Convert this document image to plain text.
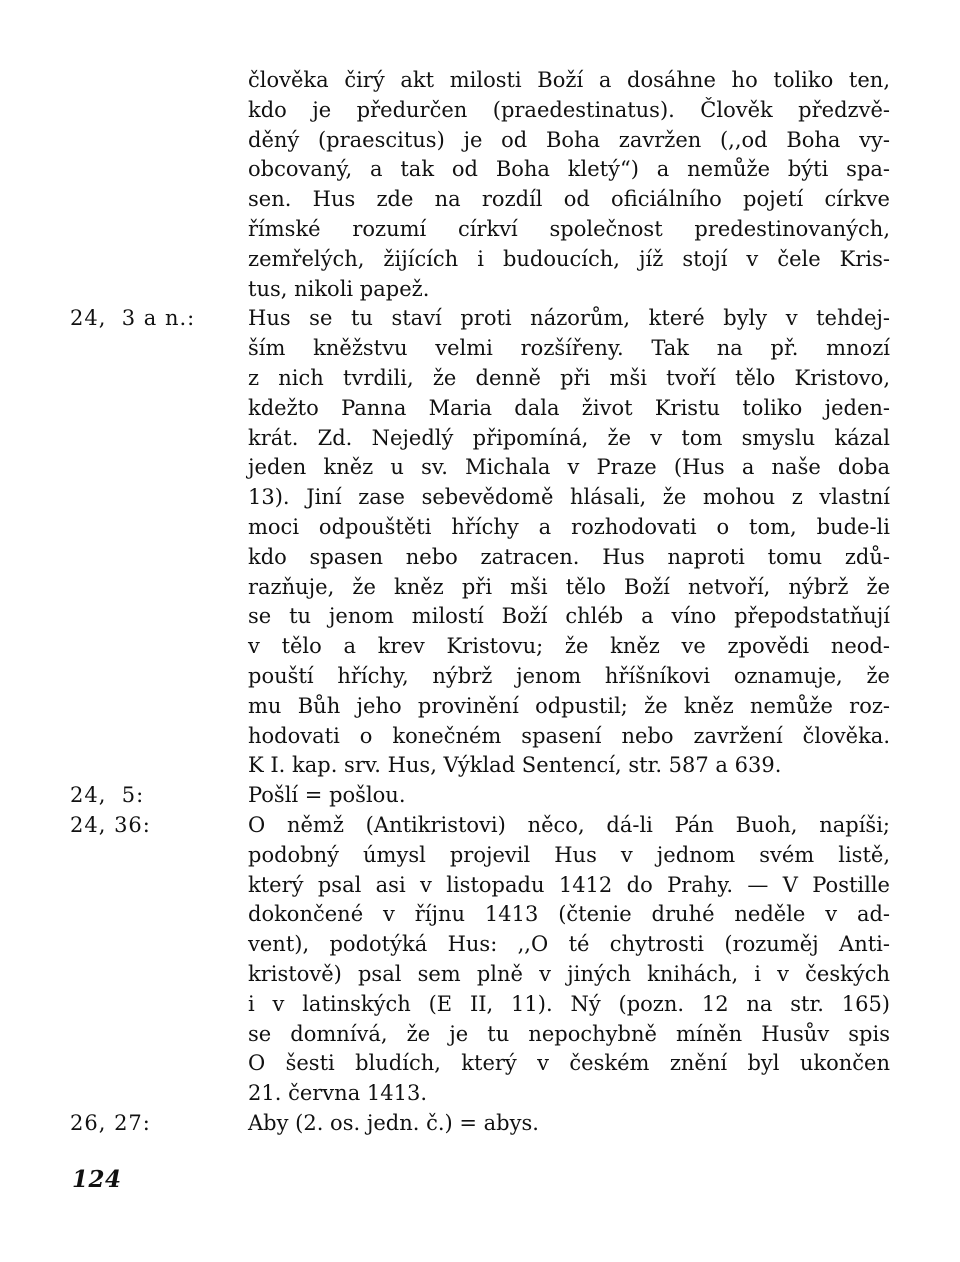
člověka čirý akt milosti Boží a dosáhne ho toliko ten,
kdo je předurčen (praedestinatus). Člověk předzvě-
děný (praescitus) je od Boha zavržen (,,od Boha vy-
obcovaný, a tak od Boha kletý“) a nemůže býti spa-
sen. Hus zde na rozdíl od oficiálního pojetí církve
římské rozumí církví společnost predestinovaných,
zemřelých, žijících i budoucích, jíž stojí v čele Kris-
tus, nikoli papež.

24,  3 a n.:	Hus se tu staví proti názorům, které byly v tehdej-
ším kněžstvu velmi rozšířeny. Tak na př. mnozí
z nich tvrdili, že denně při mši tvoří tělo Kristovo,
kdežto Panna Maria dala život Kristu toliko jeden-
krát. Zd. Nejedlý připomíná, že v tom smyslu kázal
jeden kněz u sv. Michala v Praze (Hus a naše doba
13). Jiní zase sebevědomě hlásali, že mohou z vlastní
moci odpouštěti hříchy a rozhodovati o tom, bude-li
kdo spasen nebo zatracen. Hus naproti tomu zdů-
razňuje, že kněz při mši tělo Boží netvoří, nýbrž že
se tu jenom milostí Boží chléb a víno přepodstatňují
v tělo a krev Kristovu; že kněz ve zpovědi neod-
pouští hříchy, nýbrž jenom hříšníkovi oznamuje, že
mu Bůh jeho provinění odpustil; že kněz nemůže roz-
hodovati o konečném spasení nebo zavržení člověka.
K I. kap. srv. Hus, Výklad Sentencí, str. 587 a 639.

24,  5:	Pošlí = pošlou.

24, 36:	O němž (Antikristovi) něco, dá-li Pán Buoh, napíši;
podobný úmysl projevil Hus v jednom svém listě,
který psal asi v listopadu 1412 do Prahy. — V Postille
dokončené v říjnu 1413 (čtenie druhé neděle v ad-
vent), podotýká Hus: ,,O té chytrosti (rozuměj Anti-
kristově) psal sem plně v jiných knihách, i v českých
i v latinských (E II, 11). Ný (pozn. 12 na str. 165)
se domnívá, že je tu nepochybně míněn Husův spis
O šesti bludích, který v českém znění byl ukončen
21. června 1413.

26, 27:	Aby (2. os. jedn. č.) = abys.

124
